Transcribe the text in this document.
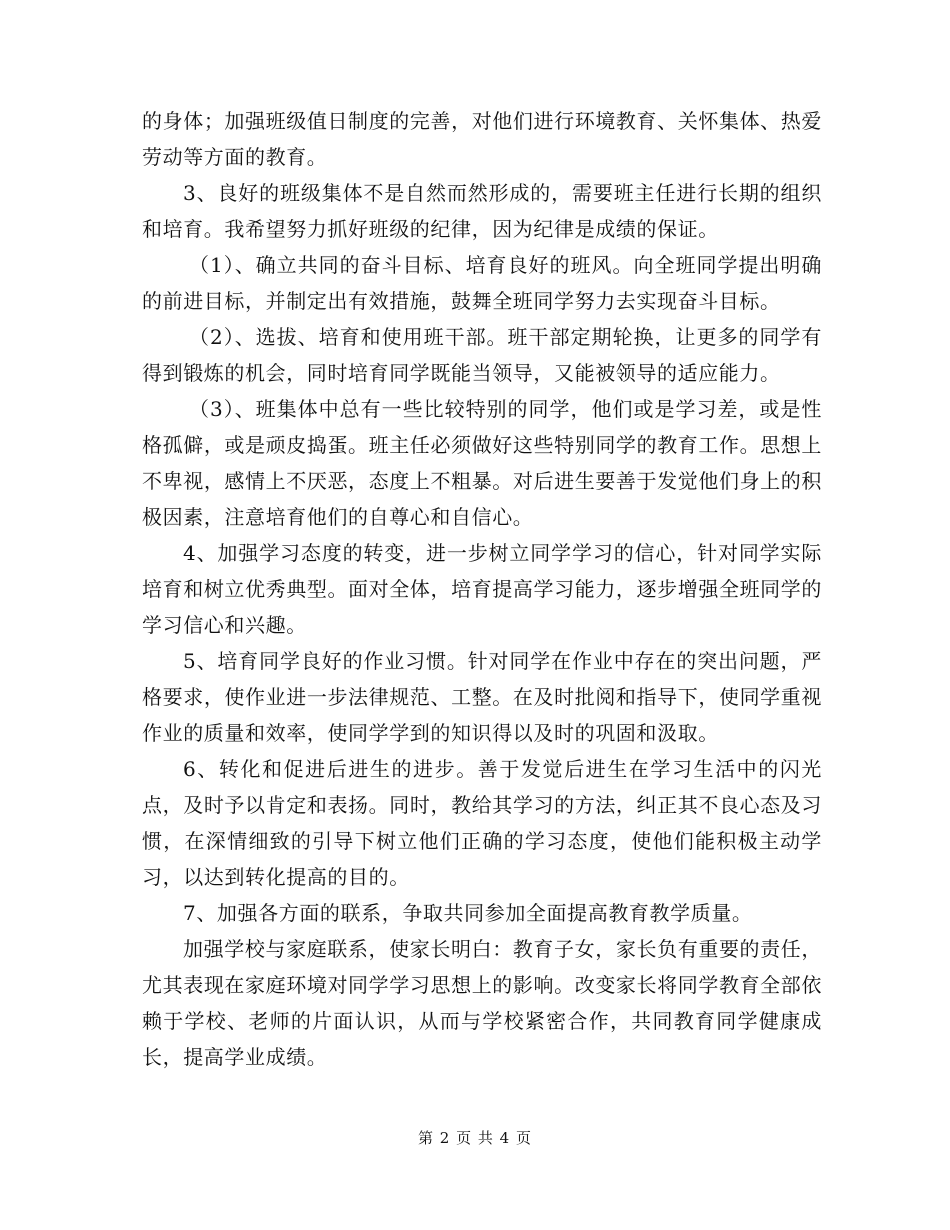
的身体；加强班级值日制度的完善，对他们进行环境教育、关怀集体、热爱劳动等方面的教育。

3、良好的班级集体不是自然而然形成的，需要班主任进行长期的组织和培育。我希望努力抓好班级的纪律，因为纪律是成绩的保证。

（1）、确立共同的奋斗目标、培育良好的班风。向全班同学提出明确的前进目标，并制定出有效措施，鼓舞全班同学努力去实现奋斗目标。

（2）、选拔、培育和使用班干部。班干部定期轮换，让更多的同学有得到锻炼的机会，同时培育同学既能当领导，又能被领导的适应能力。

（3）、班集体中总有一些比较特别的同学，他们或是学习差，或是性格孤僻，或是顽皮捣蛋。班主任必须做好这些特别同学的教育工作。思想上不卑视，感情上不厌恶，态度上不粗暴。对后进生要善于发觉他们身上的积极因素，注意培育他们的自尊心和自信心。

4、加强学习态度的转变，进一步树立同学学习的信心，针对同学实际培育和树立优秀典型。面对全体，培育提高学习能力，逐步增强全班同学的学习信心和兴趣。

5、培育同学良好的作业习惯。针对同学在作业中存在的突出问题，严格要求，使作业进一步法律规范、工整。在及时批阅和指导下，使同学重视作业的质量和效率，使同学学到的知识得以及时的巩固和汲取。

6、转化和促进后进生的进步。善于发觉后进生在学习生活中的闪光点，及时予以肯定和表扬。同时，教给其学习的方法，纠正其不良心态及习惯，在深情细致的引导下树立他们正确的学习态度，使他们能积极主动学习，以达到转化提高的目的。

7、加强各方面的联系，争取共同参加全面提高教育教学质量。

加强学校与家庭联系，使家长明白：教育子女，家长负有重要的责任，尤其表现在家庭环境对同学学习思想上的影响。改变家长将同学教育全部依赖于学校、老师的片面认识，从而与学校紧密合作，共同教育同学健康成长，提高学业成绩。

第 2 页 共 4 页
